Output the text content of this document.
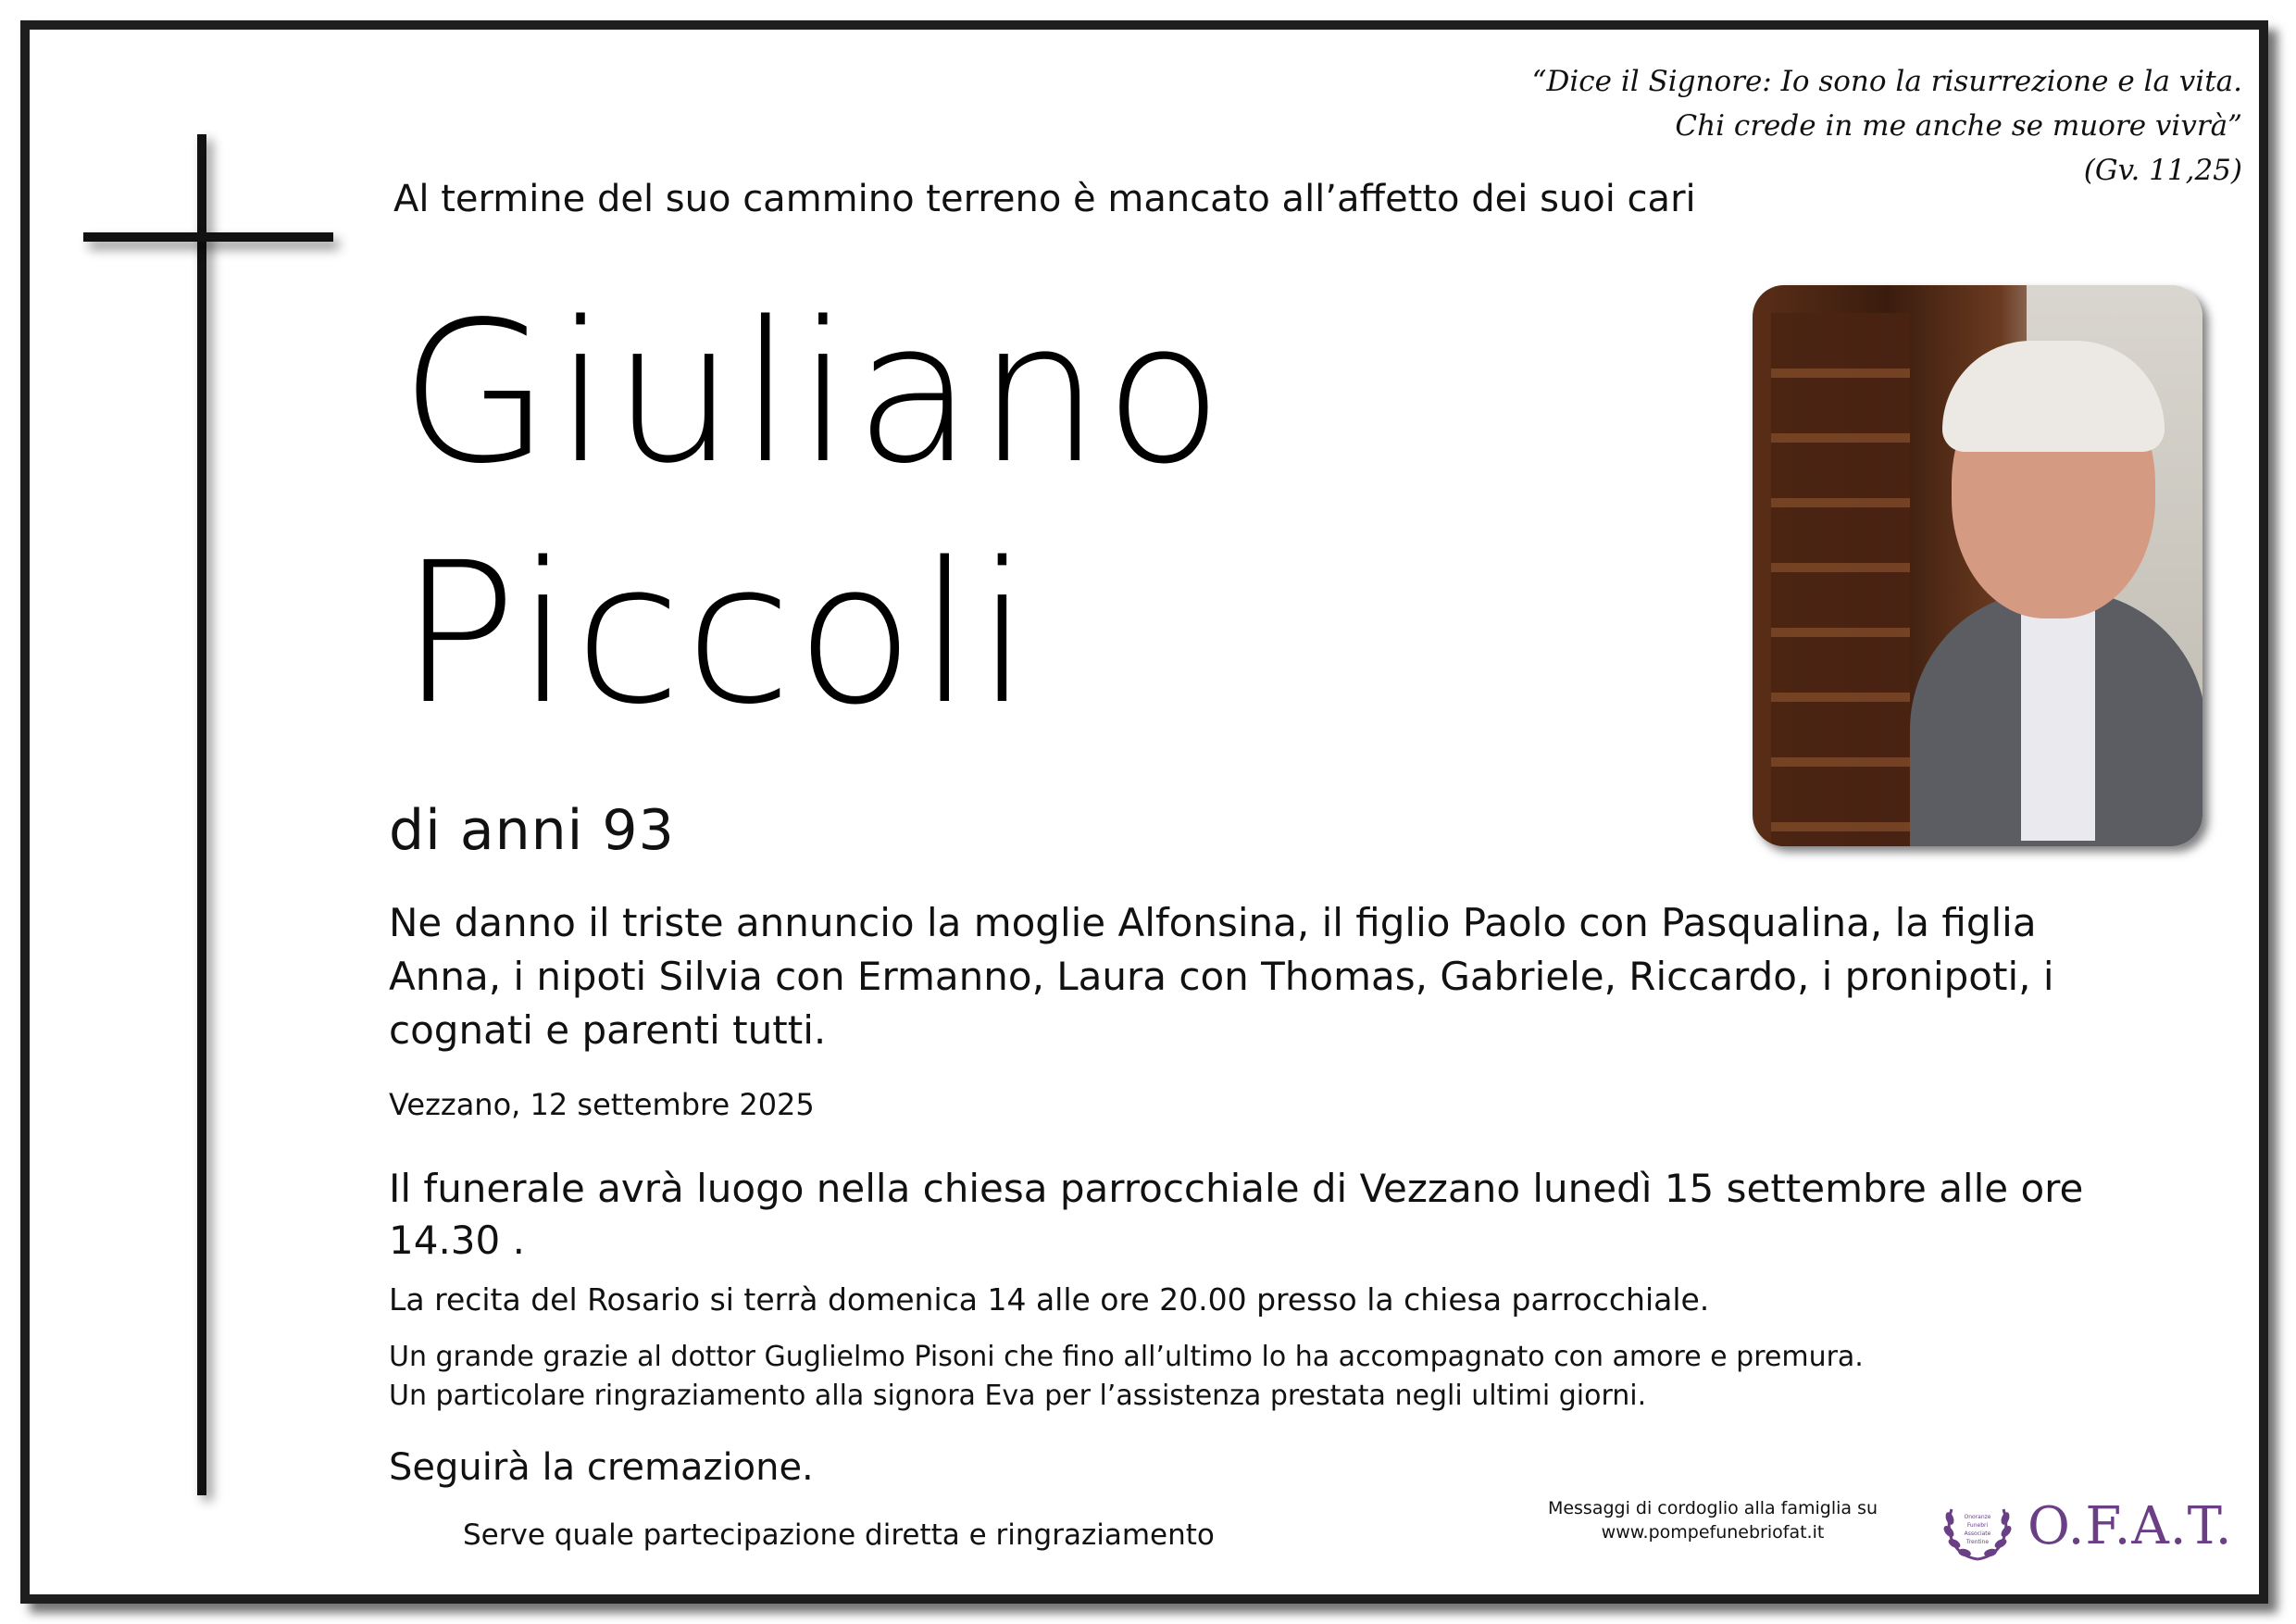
“Dice il Signore: Io sono la risurrezione e la vita.
Chi crede in me anche se muore vivrà”
(Gv. 11,25)
Al termine del suo cammino terreno è mancato all’affetto dei suoi cari
Giuliano
Piccoli
di anni 93
Ne danno il triste annuncio la moglie Alfonsina, il figlio Paolo con Pasqualina, la figlia Anna, i nipoti Silvia con Ermanno, Laura con Thomas, Gabriele, Riccardo, i pronipoti, i cognati e parenti tutti.
Vezzano, 12 settembre 2025
Il funerale avrà luogo nella chiesa parrocchiale di Vezzano lunedì 15 settembre alle ore 14.30 .
La recita del Rosario si terrà domenica 14 alle ore 20.00 presso la chiesa parrocchiale.
Un grande grazie al dottor Guglielmo Pisoni che fino all’ultimo lo ha accompagnato con amore e premura.
Un particolare ringraziamento alla signora Eva per l’assistenza prestata negli ultimi giorni.
Seguirà la cremazione.
Serve quale partecipazione diretta e ringraziamento
Messaggi di cordoglio alla famiglia su
www.pompefunebriofat.it
Onoranze
Funebri
Associate
Trentine O.F.A.T.
